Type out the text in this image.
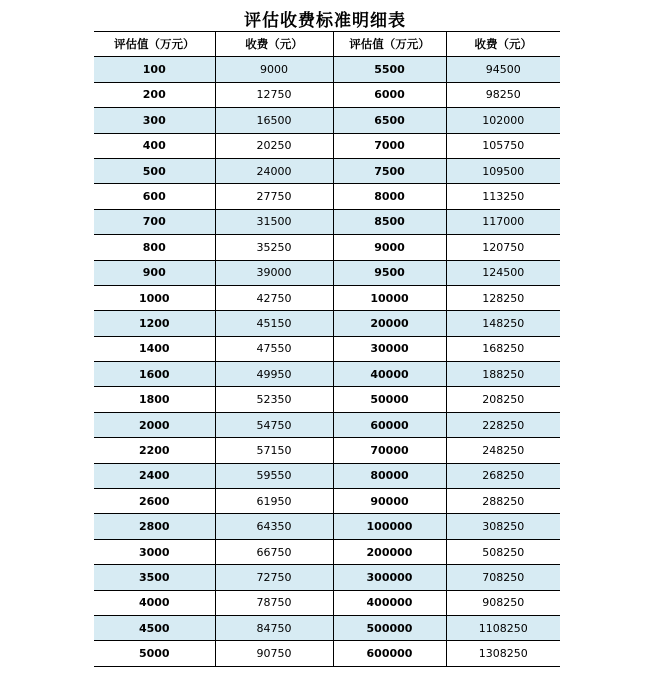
评估收费标准明细表
评估值（万元）	收费（元）	评估值（万元）	收费（元）
100	9000	5500	94500
200	12750	6000	98250
300	16500	6500	102000
400	20250	7000	105750
500	24000	7500	109500
600	27750	8000	113250
700	31500	8500	117000
800	35250	9000	120750
900	39000	9500	124500
1000	42750	10000	128250
1200	45150	20000	148250
1400	47550	30000	168250
1600	49950	40000	188250
1800	52350	50000	208250
2000	54750	60000	228250
2200	57150	70000	248250
2400	59550	80000	268250
2600	61950	90000	288250
2800	64350	100000	308250
3000	66750	200000	508250
3500	72750	300000	708250
4000	78750	400000	908250
4500	84750	500000	1108250
5000	90750	600000	1308250
